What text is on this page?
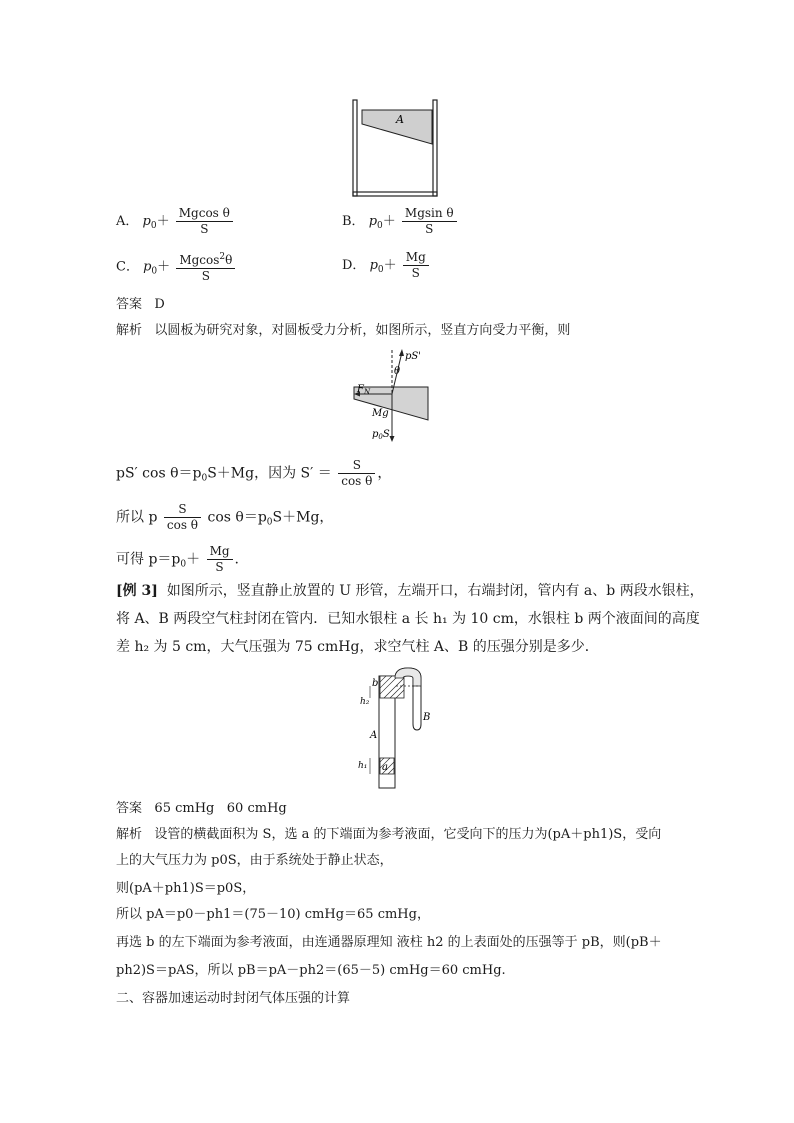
A
A． $p_0+ \frac{\text{Mgcos θ}}{S}$	B． $p_0+ \frac{\text{Mgsin θ}}{S}$
C． $p_0+ \frac{Mgcos^2\theta}{S}$	D． $p_0+ \frac{Mg}{S}$
答案 D
解析 以圆板为研究对象，对圆板受力分析，如图所示，竖直方向受力平衡，则
pS'
θ
$F_N$
Mg
$p_0S$
pS′ $\cos \theta=p_0S+Mg$，因为 $S' = \frac{S}{\text{cos θ}}$ ，
所以 p $\frac{S}{\text{cos θ}}$ $\cos \theta=p_0S+Mg$，
可得 $p=p_0+ \frac{Mg}{S}$ .
[例 3] 如图所示，竖直静止放置的 U 形管，左端开口，右端封闭，管内有 a、b 两段水银柱，
将 A、B 两段空气柱封闭在管内．已知水银柱 a 长 h₁ 为 10 cm，水银柱 b 两个液面间的高度
差 h₂ 为 5 cm，大气压强为 75 cmHg，求空气柱 A、B 的压强分别是多少．
b
h₂
B
A
h₁ a
答案 65 cmHg 60 cmHg
解析 设管的横截面积为 S，选 a 的下端面为参考液面，它受向下的压力为(pA＋ph1)S，受向
上的大气压力为 p0S，由于系统处于静止状态，
则(pA＋ph1)S＝p0S，
所以 pA＝p0－ph1＝(75－10) cmHg＝65 cmHg，
再选 b 的左下端面为参考液面，由连通器原理知 液柱 h2 的上表面处的压强等于 pB，则(pB＋
ph2)S＝pAS，所以 pB＝pA－ph2＝(65－5) cmHg＝60 cmHg.
二、容器加速运动时封闭气体压强的计算
